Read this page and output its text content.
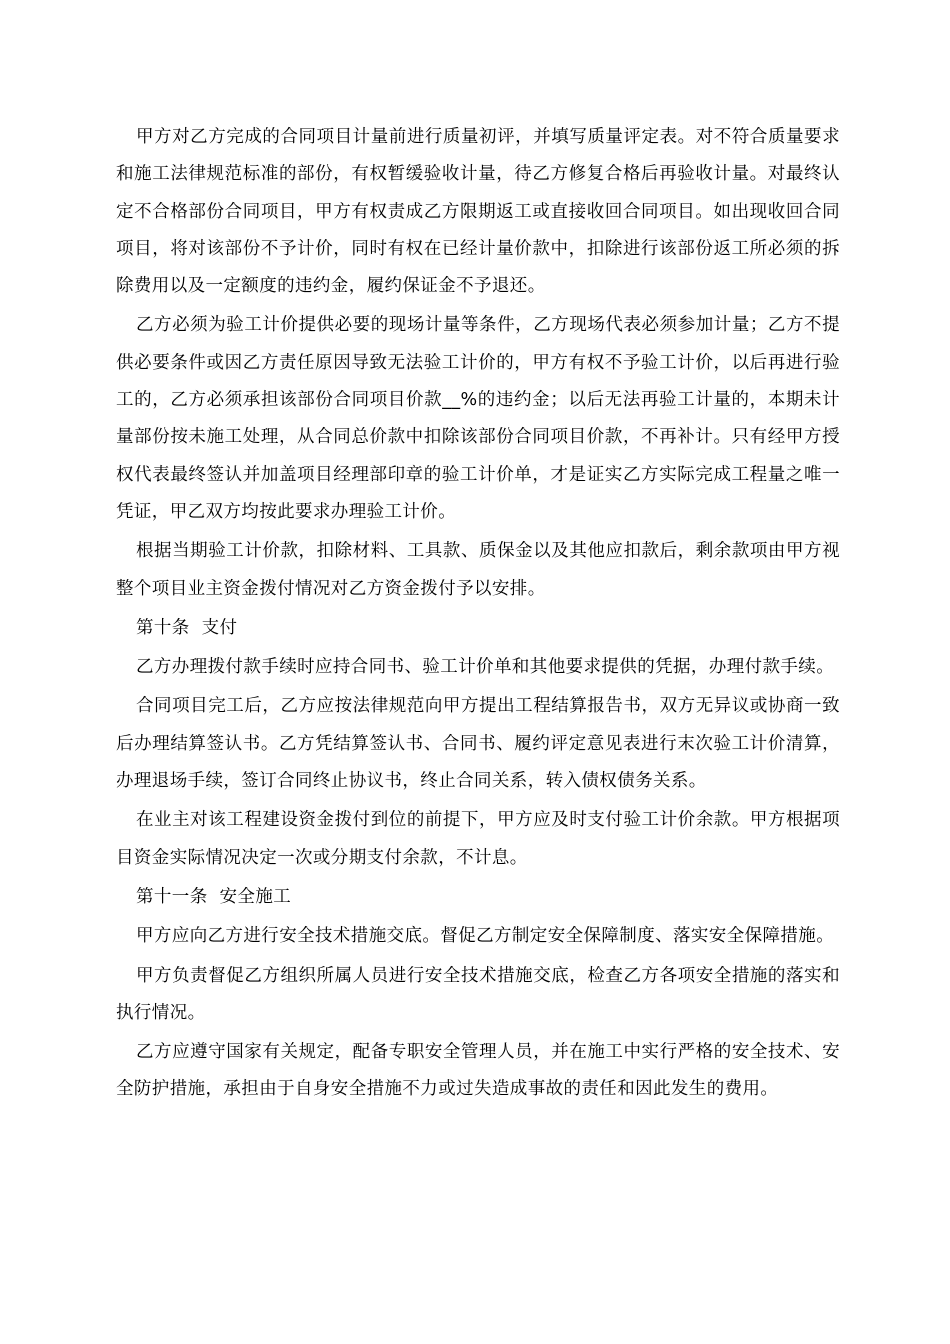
甲方对乙方完成的合同项目计量前进行质量初评，并填写质量评定表。对不符合质量要求和施工法律规范标准的部份，有权暂缓验收计量，待乙方修复合格后再验收计量。对最终认定不合格部份合同项目，甲方有权责成乙方限期返工或直接收回合同项目。如出现收回合同项目，将对该部份不予计价，同时有权在已经计量价款中，扣除进行该部份返工所必须的拆除费用以及一定额度的违约金，履约保证金不予退还。

乙方必须为验工计价提供必要的现场计量等条件，乙方现场代表必须参加计量；乙方不提供必要条件或因乙方责任原因导致无法验工计价的，甲方有权不予验工计价，以后再进行验工的，乙方必须承担该部份合同项目价款__%的违约金；以后无法再验工计量的，本期未计量部份按未施工处理，从合同总价款中扣除该部份合同项目价款，不再补计。只有经甲方授权代表最终签认并加盖项目经理部印章的验工计价单，才是证实乙方实际完成工程量之唯一凭证，甲乙双方均按此要求办理验工计价。

根据当期验工计价款，扣除材料、工具款、质保金以及其他应扣款后，剩余款项由甲方视整个项目业主资金拨付情况对乙方资金拨付予以安排。

第十条  支付

乙方办理拨付款手续时应持合同书、验工计价单和其他要求提供的凭据，办理付款手续。

合同项目完工后，乙方应按法律规范向甲方提出工程结算报告书，双方无异议或协商一致后办理结算签认书。乙方凭结算签认书、合同书、履约评定意见表进行末次验工计价清算，办理退场手续，签订合同终止协议书，终止合同关系，转入债权债务关系。

在业主对该工程建设资金拨付到位的前提下，甲方应及时支付验工计价余款。甲方根据项目资金实际情况决定一次或分期支付余款，不计息。

第十一条  安全施工

甲方应向乙方进行安全技术措施交底。督促乙方制定安全保障制度、落实安全保障措施。

甲方负责督促乙方组织所属人员进行安全技术措施交底，检查乙方各项安全措施的落实和执行情况。

乙方应遵守国家有关规定，配备专职安全管理人员，并在施工中实行严格的安全技术、安全防护措施，承担由于自身安全措施不力或过失造成事故的责任和因此发生的费用。
